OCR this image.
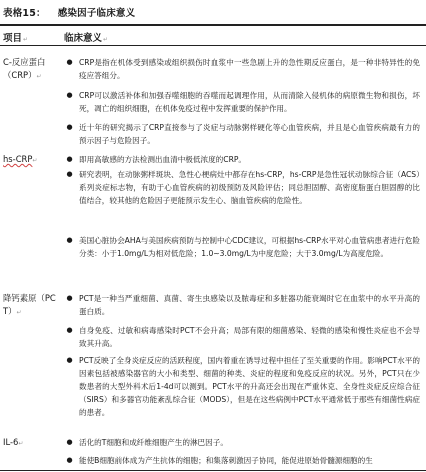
表格15： 感染因子临床意义
项目↵	临床意义↵
C-反应蛋白（CRP）↵
● CRP是指在机体受到感染或组织损伤时血浆中一些急剧上升的急性期反应蛋白，是一种非特异性的免疫应答组分。
● CRP可以激活补体和加强吞噬细胞的吞噬而起调理作用，从而清除入侵机体的病原微生物和损伤，坏死，凋亡的组织细胞，在机体免疫过程中发挥重要的保护作用。
● 近十年的研究揭示了CRP直接参与了炎症与动脉粥样硬化等心血管疾病，并且是心血管疾病最有力的预示因子与危险因子。
hs-CRP↵	● 即用高敏感的方法检测出血清中极低浓度的CRP。
● 研究表明，在动脉粥样斑块、急性心梗病灶中都存在hs-CRP，hs-CRP是急性冠状动脉综合征（ACS）系列炎症标志物，有助于心血管疾病的初级预防及风险评估；同总胆固醇、高密度脂蛋白胆固醇的比值结合，较其他的危险因子更能预示发生心、脑血管疾病的危险性。
● 美国心脏协会AHA与美国疾病预防与控制中心CDC建议，可根据hs-CRP水平对心血管病患者进行危险分类：小于1.0mg/L为相对低危险；1.0~3.0mg/L为中度危险；大于3.0mg/L为高度危险。
降钙素原（PCT）↵
● PCT是一种当严重细菌、真菌、寄生虫感染以及脓毒症和多脏器功能衰竭时它在血浆中的水平升高的蛋白质。
● 自身免疫、过敏和病毒感染时PCT不会升高；局部有限的细菌感染、轻微的感染和慢性炎症也不会导致其升高。
● PCT反映了全身炎症反应的活跃程度，国内着重在诱导过程中担任了至关重要的作用。影响PCT水平的因素包括被感染器官的大小和类型、细菌的种类、炎症的程度和免疫反应的状况。另外，PCT只在少数患者的大型外科术后1-4d可以测到。PCT水平的升高还会出现在严重休克、全身性炎症反应综合征（SIRS）和多器官功能紊乱综合征（MODS），但是在这些病例中PCT水平通常低于那些有细菌性病症的患者。
IL-6↵	● 活化的T细胞和成纤维细胞产生的淋巴因子。
● 能使B细胞前体成为产生抗体的细胞；和集落刺激因子协同，能促进原始骨髓源细胞的生
